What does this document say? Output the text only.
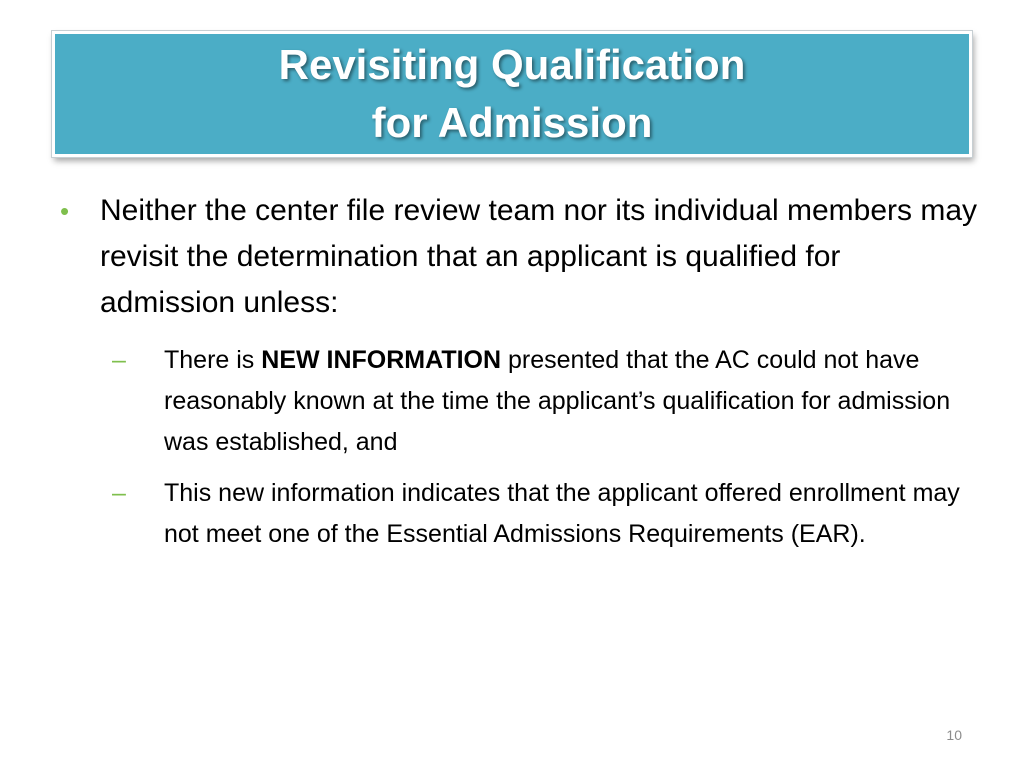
Revisiting Qualification
for Admission
•	Neither the center file review team nor its individual members may revisit the determination that an applicant is qualified for admission unless:
–	There is NEW INFORMATION presented that the AC could not have reasonably known at the time the applicant’s qualification for admission was established, and
–	This new information indicates that the applicant offered enrollment may not meet one of the Essential Admissions Requirements (EAR).
10
